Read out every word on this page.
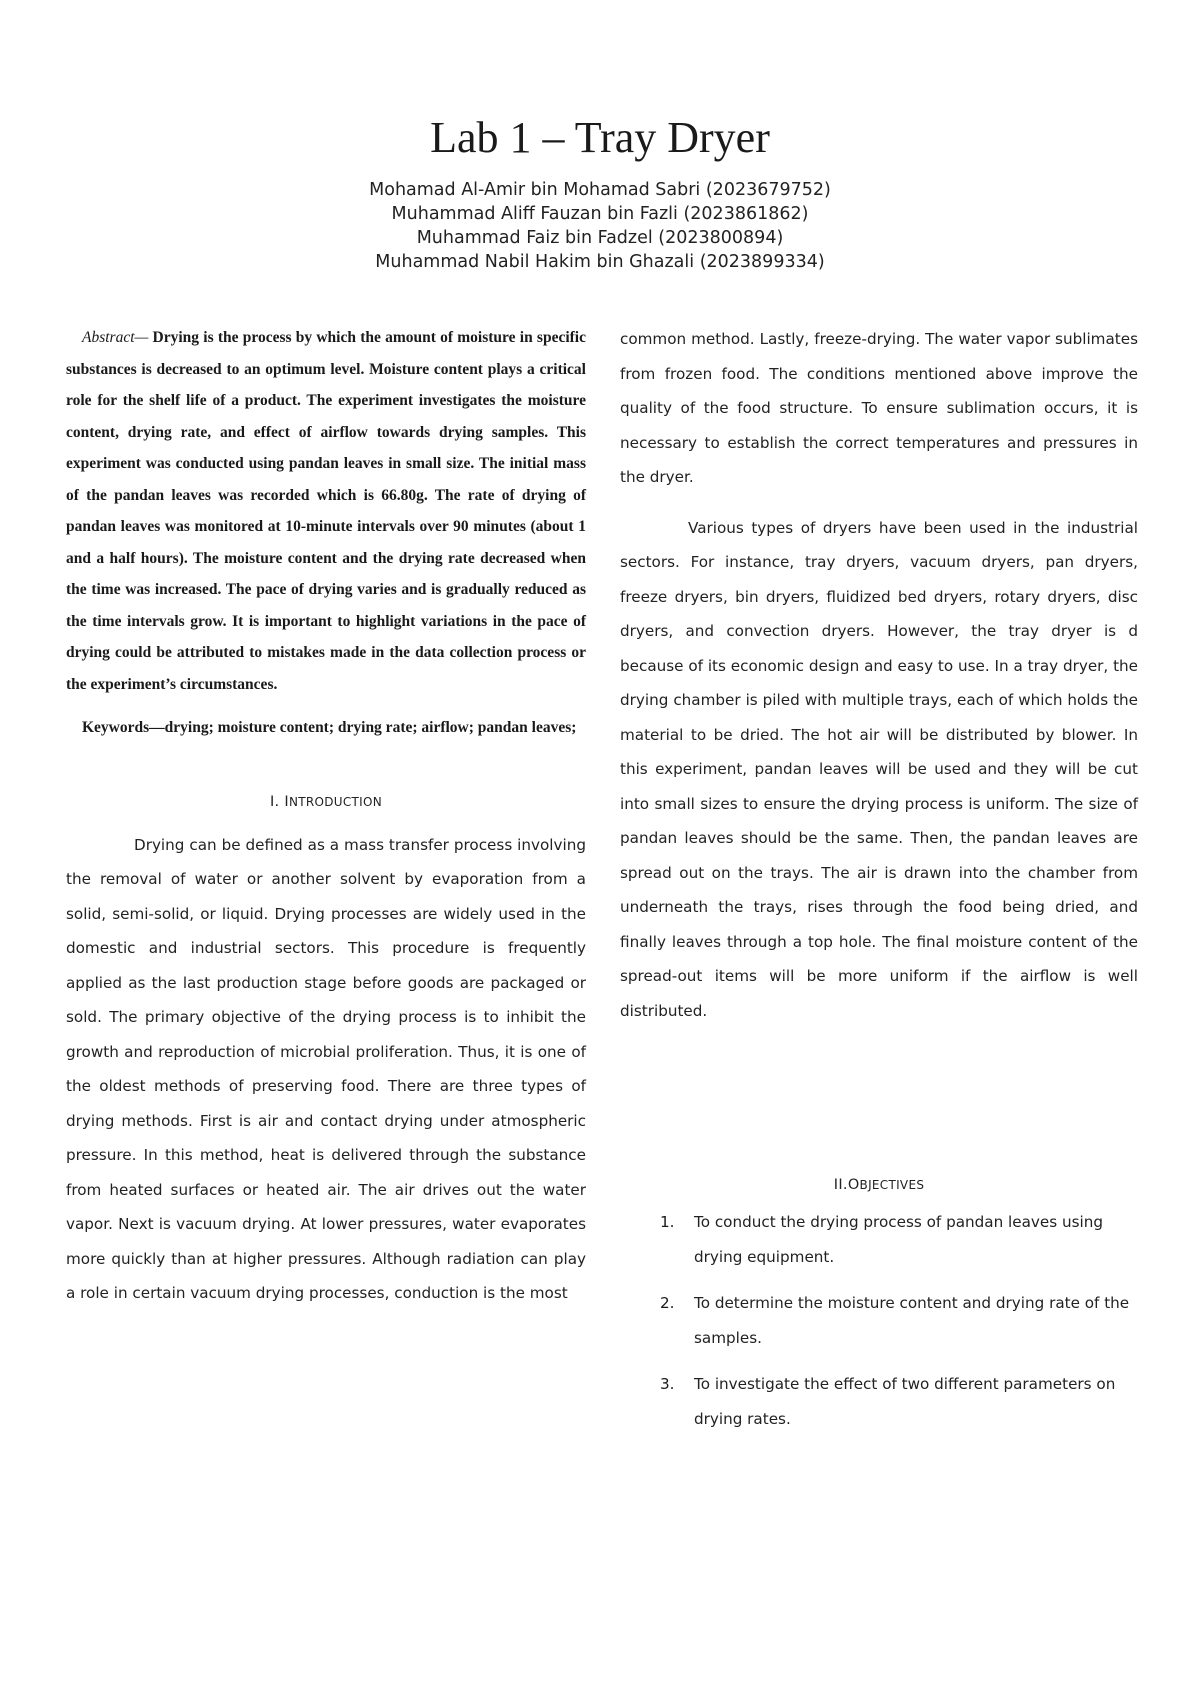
Lab 1 – Tray Dryer
Mohamad Al-Amir bin Mohamad Sabri (2023679752)
Muhammad Aliff Fauzan bin Fazli (2023861862)
Muhammad Faiz bin Fadzel (2023800894)
Muhammad Nabil Hakim bin Ghazali (2023899334)

Abstract— Drying is the process by which the amount of moisture in specific substances is decreased to an optimum level. Moisture content plays a critical role for the shelf life of a product. The experiment investigates the moisture content, drying rate, and effect of airflow towards drying samples. This experiment was conducted using pandan leaves in small size. The initial mass of the pandan leaves was recorded which is 66.80g. The rate of drying of pandan leaves was monitored at 10-minute intervals over 90 minutes (about 1 and a half hours). The moisture content and the drying rate decreased when the time was increased. The pace of drying varies and is gradually reduced as the time intervals grow. It is important to highlight variations in the pace of drying could be attributed to mistakes made in the data collection process or the experiment’s circumstances.

Keywords—drying; moisture content; drying rate; airflow; pandan leaves;

I. INTRODUCTION

Drying can be defined as a mass transfer process involving the removal of water or another solvent by evaporation from a solid, semi-solid, or liquid. Drying processes are widely used in the domestic and industrial sectors. This procedure is frequently applied as the last production stage before goods are packaged or sold. The primary objective of the drying process is to inhibit the growth and reproduction of microbial proliferation. Thus, it is one of the oldest methods of preserving food. There are three types of drying methods. First is air and contact drying under atmospheric pressure. In this method, heat is delivered through the substance from heated surfaces or heated air. The air drives out the water vapor. Next is vacuum drying. At lower pressures, water evaporates more quickly than at higher pressures. Although radiation can play a role in certain vacuum drying processes, conduction is the most

common method. Lastly, freeze-drying. The water vapor sublimates from frozen food. The conditions mentioned above improve the quality of the food structure. To ensure sublimation occurs, it is necessary to establish the correct temperatures and pressures in the dryer.

Various types of dryers have been used in the industrial sectors. For instance, tray dryers, vacuum dryers, pan dryers, freeze dryers, bin dryers, fluidized bed dryers, rotary dryers, disc dryers, and convection dryers. However, the tray dryer is d because of its economic design and easy to use. In a tray dryer, the drying chamber is piled with multiple trays, each of which holds the material to be dried. The hot air will be distributed by blower. In this experiment, pandan leaves will be used and they will be cut into small sizes to ensure the drying process is uniform. The size of pandan leaves should be the same. Then, the pandan leaves are spread out on the trays. The air is drawn into the chamber from underneath the trays, rises through the food being dried, and finally leaves through a top hole. The final moisture content of the spread-out items will be more uniform if the airflow is well distributed.

II.OBJECTIVES

1. To conduct the drying process of pandan leaves using drying equipment.

2. To determine the moisture content and drying rate of the samples.

3. To investigate the effect of two different parameters on drying rates.
